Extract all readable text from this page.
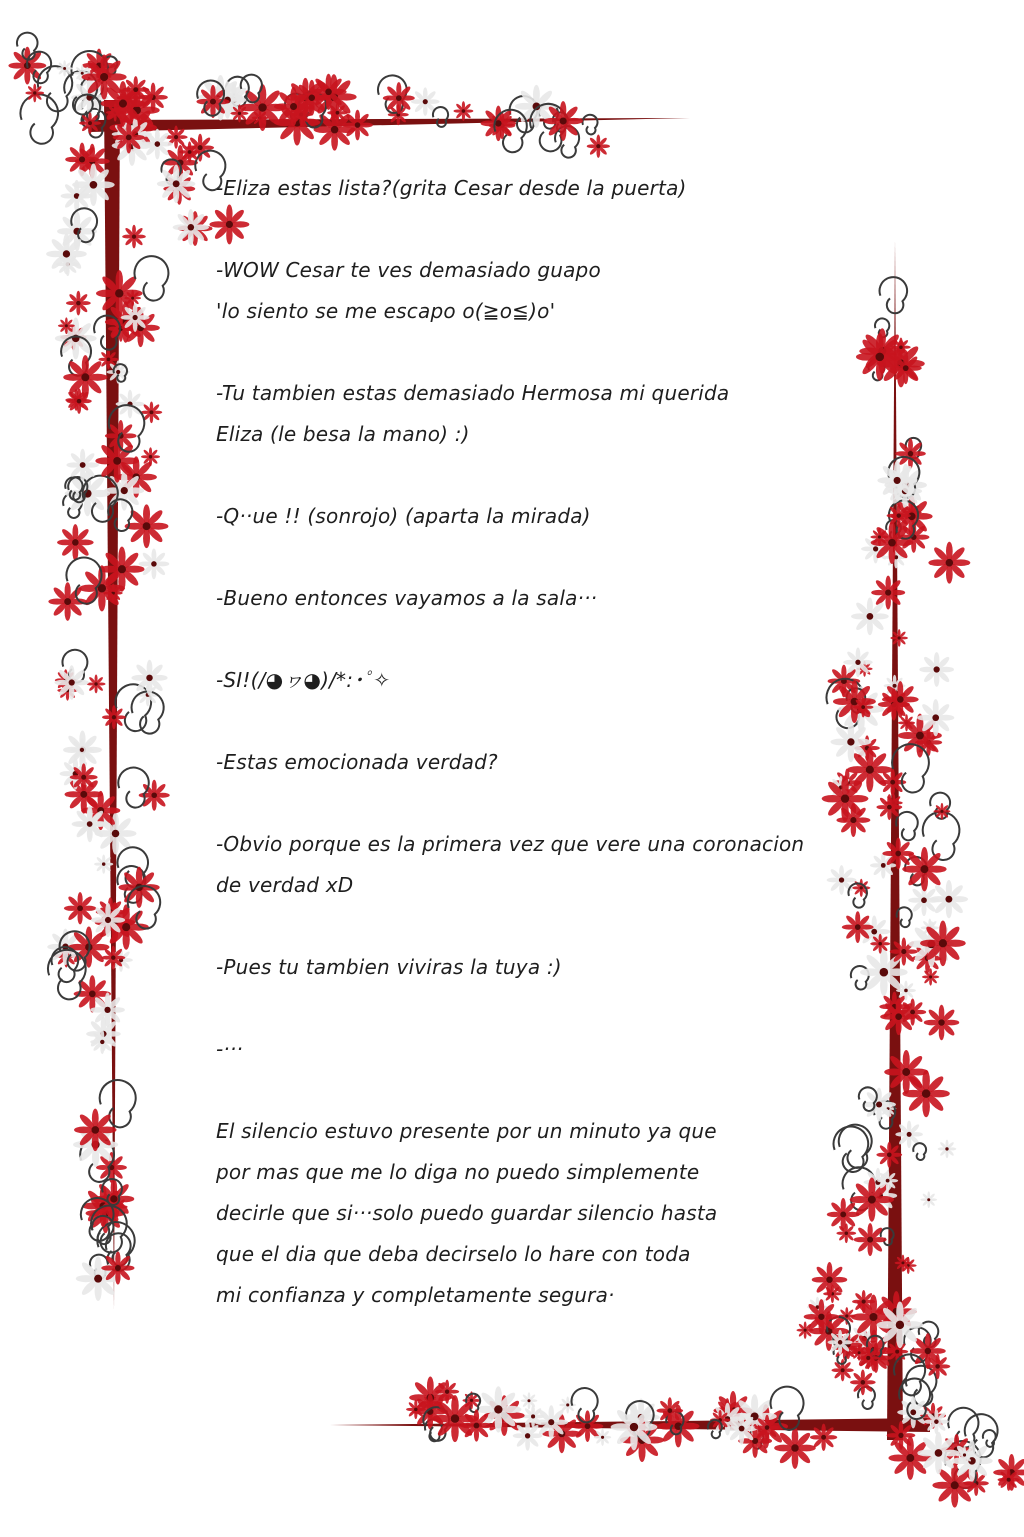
-Eliza estas lista?(grita Cesar desde la puerta)

-WOW Cesar te ves demasiado guapo

'lo siento se me escapo o(≧o≦)o'

-Tu tambien estas demasiado Hermosa mi querida

Eliza (le besa la mano) :)

-Q··ue !! (sonrojo) (aparta la mirada)

-Bueno entonces vayamos a la sala···

-SI!(/◕ヮ◕)/*:･ﾟ✧

-Estas emocionada verdad?

-Obvio porque es la primera vez que vere una coronacion

de verdad xD

-Pues tu tambien viviras la tuya :)

-···

El silencio estuvo presente por un minuto ya que

por mas que me lo diga no puedo simplemente

decirle que si···solo puedo guardar silencio hasta

que el dia que deba decirselo lo hare con toda

mi confianza y completamente segura·
